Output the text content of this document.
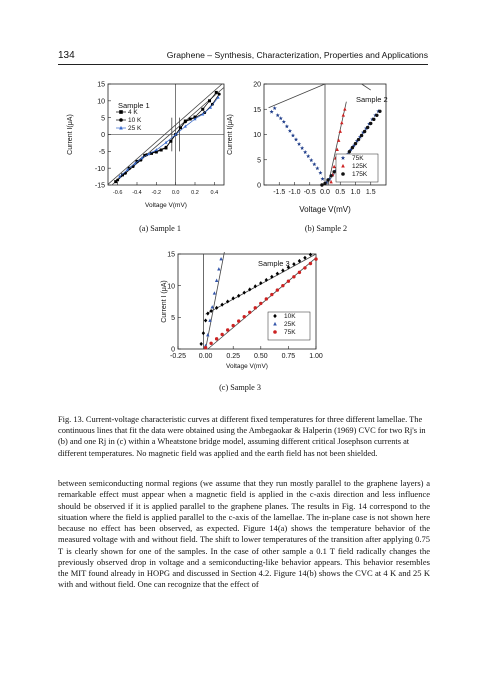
134	Graphene – Synthesis, Characterization, Properties and Applications
-15
-10
-5
0
5
10
15
-0.6 -0.4 -0.2 0.0 0.2 0.4
Voltage V(mV)
Current I(μA)
Sample 1
4 K
10 K
25 K
0
5
10
15
20
-1.5 -1.0 -0.5 0.0 0.5 1.0 1.5
Voltage V(mV)
Current I(μA)
Sample 2
75K
125K
175K
0
5
10
15
-0.25 0.00 0.25 0.50 0.75 1.00
Voltage V(mV)
Current I (μA)
Sample 3
10K
25K
75K
(a) Sample 1	(b) Sample 2
(c) Sample 3
Fig. 13. Current-voltage characteristic curves at different fixed temperatures for three different lamellae. The continuous lines that fit the data were obtained using the Ambegaokar & Halperin (1969) CVC for two Rj's in (b) and one Rj in (c) within a Wheatstone bridge model, assuming different critical Josephson currents at different temperatures. No magnetic field was applied and the earth field has not been shielded.
between semiconducting normal regions (we assume that they run mostly parallel to the graphene layers) a remarkable effect must appear when a magnetic field is applied in the c-axis direction and less influence should be observed if it is applied parallel to the graphene planes. The results in Fig. 14 correspond to the situation where the field is applied parallel to the c-axis of the lamellae. The in-plane case is not shown here because no effect has been observed, as expected. Figure 14(a) shows the temperature behavior of the measured voltage with and without field. The shift to lower temperatures of the transition after applying 0.75 T is clearly shown for one of the samples. In the case of other sample a 0.1 T field radically changes the previously observed drop in voltage and a semiconducting-like behavior appears. This behavior resembles the MIT found already in HOPG and discussed in Section 4.2. Figure 14(b) shows the CVC at 4 K and 25 K with and without field. One can recognize that the effect of
